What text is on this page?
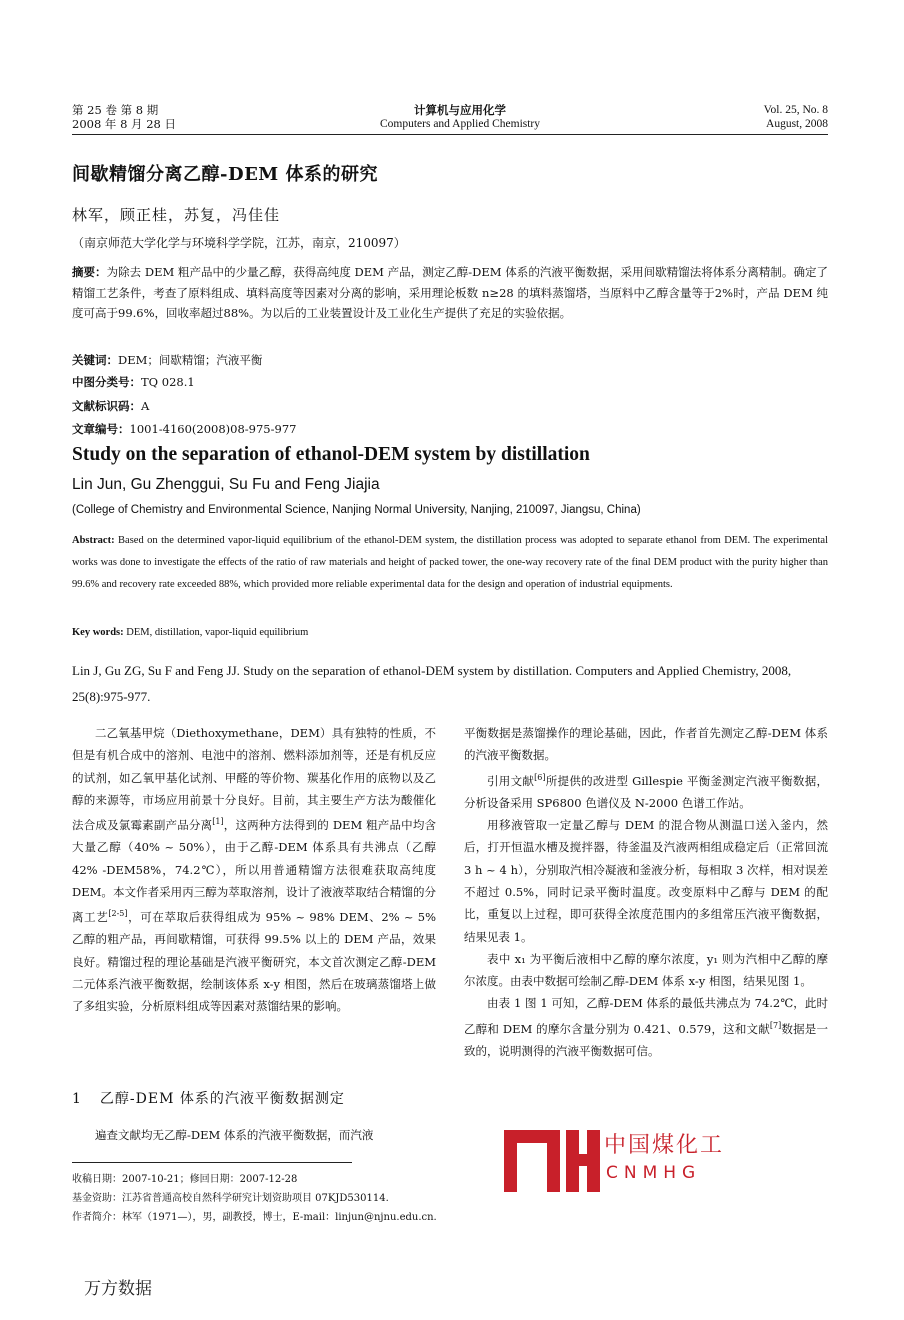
第 25 卷 第 8 期
2008 年 8 月 28 日
计算机与应用化学
Computers and Applied Chemistry
Vol. 25, No. 8
August, 2008
间歇精馏分离乙醇-DEM 体系的研究
林军，顾正桂，苏复，冯佳佳
（南京师范大学化学与环境科学学院，江苏，南京，210097）
摘要：为除去 DEM 粗产品中的少量乙醇，获得高纯度 DEM 产品，测定乙醇-DEM 体系的汽液平衡数据，采用间歇精馏法将体系分离精制。确定了精馏工艺条件，考查了原料组成、填料高度等因素对分离的影响，采用理论板数 n≥28 的填料蒸馏塔，当原料中乙醇含量等于2%时，产品 DEM 纯度可高于99.6%，回收率超过88%。为以后的工业装置设计及工业化生产提供了充足的实验依据。
关键词：DEM；间歇精馏；汽液平衡
中图分类号：TQ 028.1
文献标识码：A
文章编号：1001-4160(2008)08-975-977
Study on the separation of ethanol-DEM system by distillation
Lin Jun, Gu Zhenggui, Su Fu and Feng Jiajia
(College of Chemistry and Environmental Science, Nanjing Normal University, Nanjing, 210097, Jiangsu, China)
Abstract: Based on the determined vapor-liquid equilibrium of the ethanol-DEM system, the distillation process was adopted to separate ethanol from DEM. The experimental works was done to investigate the effects of the ratio of raw materials and height of packed tower, the one-way recovery rate of the final DEM product with the purity higher than 99.6% and recovery rate exceeded 88%, which provided more reliable experimental data for the design and operation of industrial equipments.
Key words: DEM, distillation, vapor-liquid equilibrium
Lin J, Gu ZG, Su F and Feng JJ. Study on the separation of ethanol-DEM system by distillation. Computers and Applied Chemistry, 2008, 25(8):975-977.

二乙氧基甲烷（Diethoxymethane，DEM）具有独特的性质，不但是有机合成中的溶剂、电池中的溶剂、燃料添加剂等，还是有机反应的试剂，如乙氧甲基化试剂、甲醛的等价物、羰基化作用的底物以及乙醇的来源等，市场应用前景十分良好。目前，其主要生产方法为酸催化法合成及氯霉素副产品分离[1]，这两种方法得到的 DEM 粗产品中均含大量乙醇（40% ~ 50%），由于乙醇-DEM 体系具有共沸点（乙醇 42% -DEM58%，74.2℃），所以用普通精馏方法很难获取高纯度 DEM。本文作者采用丙三醇为萃取溶剂，设计了液液萃取结合精馏的分离工艺[2-5]，可在萃取后获得组成为 95% ~ 98% DEM、2% ~ 5% 乙醇的粗产品，再间歇精馏，可获得 99.5% 以上的 DEM 产品，效果良好。精馏过程的理论基础是汽液平衡研究，本文首次测定乙醇-DEM 二元体系汽液平衡数据，绘制该体系 x-y 相图，然后在玻璃蒸馏塔上做了多组实验，分析原料组成等因素对蒸馏结果的影响。

1 乙醇-DEM 体系的汽液平衡数据测定

遍查文献均无乙醇-DEM 体系的汽液平衡数据，而汽液

平衡数据是蒸馏操作的理论基础，因此，作者首先测定乙醇-DEM 体系的汽液平衡数据。

引用文献[6]所提供的改进型 Gillespie 平衡釜测定汽液平衡数据，分析设备采用 SP6800 色谱仪及 N-2000 色谱工作站。

用移液管取一定量乙醇与 DEM 的混合物从测温口送入釜内，然后，打开恒温水槽及搅拌器，待釜温及汽液两相组成稳定后（正常回流 3 h ~ 4 h），分别取汽相冷凝液和釜液分析，每相取 3 次样，相对误差不超过 0.5%，同时记录平衡时温度。改变原料中乙醇与 DEM 的配比，重复以上过程，即可获得全浓度范围内的多组常压汽液平衡数据，结果见表 1。

表中 x₁ 为平衡后液相中乙醇的摩尔浓度，y₁ 则为汽相中乙醇的摩尔浓度。由表中数据可绘制乙醇-DEM 体系 x-y 相图，结果见图 1。

由表 1 图 1 可知，乙醇-DEM 体系的最低共沸点为 74.2℃，此时乙醇和 DEM 的摩尔含量分别为 0.421、0.579，这和文献[7]数据是一致的，说明测得的汽液平衡数据可信。

中国煤化工
CNMHG
收稿日期：2007-10-21；修回日期：2007-12-28
基金资助：江苏省普通高校自然科学研究计划资助项目 07KJD530114.
作者简介：林军（1971—），男，副教授，博士，E-mail：linjun@njnu.edu.cn.
万方数据
